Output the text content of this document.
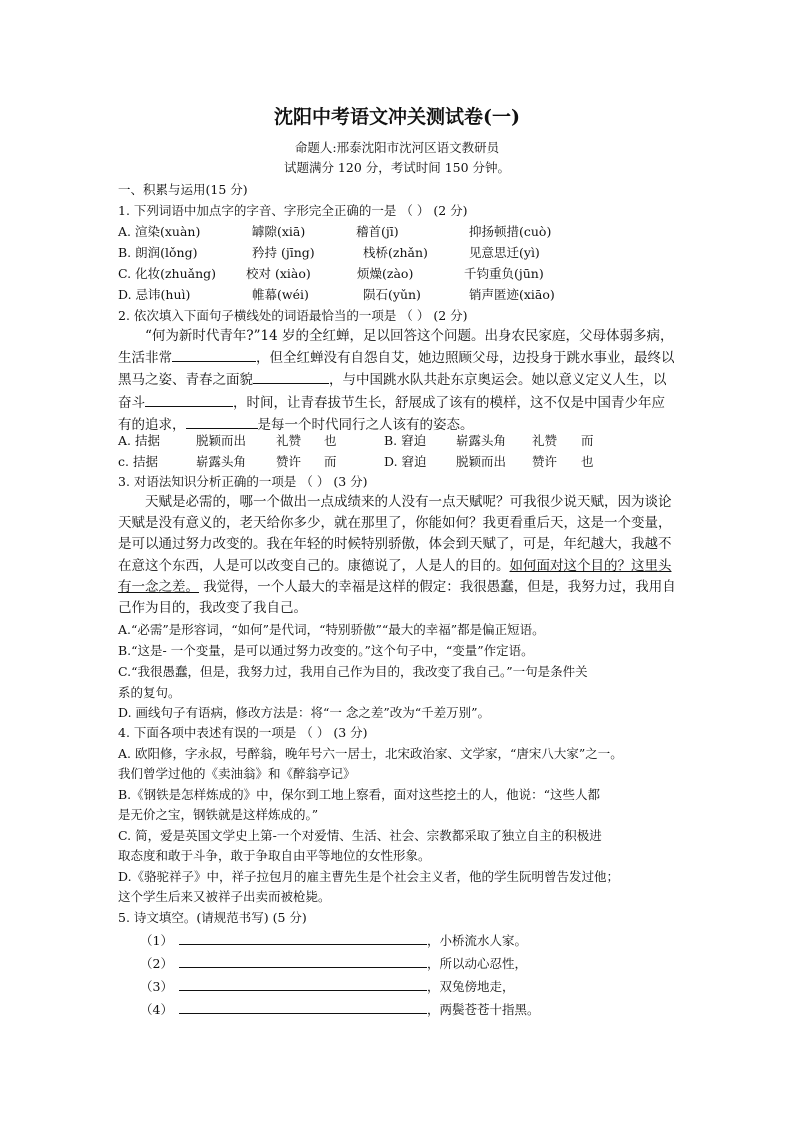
沈阳中考语文冲关测试卷(一)
命题人:邢泰沈阳市沈河区语文教研员
试题满分 120 分，考试时间 150 分钟。
一、积累与运用(15 分)
1. 下列词语中加点字的字音、字形完全正确的一是 （ ） (2 分)
A. 渲染(xuàn)	罅隙(xiā)	稽首(jī)	抑扬顿措(cuò)
B. 朗润(lǒng)	矜持 (jīng)	栈桥(zhǎn)	见意思迁(yì)
C. 化妆(zhuǎng) 校对 (xiào)	烦燥(zào)	千钧重负(jūn)
D. 忌讳(huì)	帷幕(wéi)	陨石(yǔn)	销声匿迹(xiāo)
2. 依次填入下面句子横线处的词语最恰当的一项是 （ ） (2 分)

“何为新时代青年?”14 岁的全红蝉，足以回答这个问题。出身农民家庭，父母体弱多病，生活非常	，但全红蝉没有自怨自艾，她边照顾父母，边投身于跳水事业，最终以黑马之姿、青春之面貌	，与中国跳水队共赴东京奥运会。她以意义定义人生，以奋斗	，时间，让青春拔节生长，舒展成了该有的模样，这不仅是中国青少年应有的追求，	是每一个时代同行之人该有的姿态。

A. 拮据	脱颖而出 礼赞 也	B. 窘迫 崭露头角 礼赞 而
c. 拮据	崭露头角 赞许 而	D. 窘迫 脱颖而出 赞许 也
3. 对语法知识分析正确的一项是 （ ） (3 分)

天赋是必需的，哪一个做出一点成绩来的人没有一点天赋呢？可我很少说天赋，因为谈论天赋是没有意义的，老天给你多少，就在那里了，你能如何？我更看重后天，这是一个变量，是可以通过努力改变的。我在年轻的时候特别骄傲，体会到天赋了，可是，年纪越大，我越不在意这个东西，人是可以改变自己的。康德说了，人是人的目的。如何面对这个目的？这里头有一念之差。 我觉得，一个人最大的幸福是这样的假定：我很愚蠢，但是，我努力过，我用自己作为目的，我改变了我自己。

A.“必需”是形容词，“如何”是代词，“特别骄傲”“最大的幸福”都是偏正短语。
B.“这是- 一个变量，是可以通过努力改变的。”这个句子中，“变量”作定语。
C.“我很愚蠢，但是，我努力过，我用自己作为目的，我改变了我自己。”一句是条件关
系的复句。
D. 画线句子有语病，修改方法是：将“一 念之差”改为“千差万别”。
4. 下面各项中表述有误的一项是 （ ） (3 分)
A. 欧阳修，字永叔，号醉翁，晚年号六一居士，北宋政治家、文学家，“唐宋八大家”之一。
我们曾学过他的《卖油翁》和《醉翁亭记》
B.《钢铁是怎样炼成的》中，保尔到工地上察看，面对这些挖土的人，他说：“这些人都
是无价之宝，钢铁就是这样炼成的。”
C. 简，爱是英国文学史上第-一个对爱情、生活、社会、宗教都采取了独立自主的积极进
取态度和敢于斗争，敢于争取自由平等地位的女性形象。
D.《骆驼祥子》中，祥子拉包月的雇主曹先生是个社会主义者，他的学生阮明曾告发过他；
这个学生后来又被祥子出卖而被枪毙。
5. 诗文填空。(请规范书写) (5 分)
（1）	，小桥流水人家。
（2）	，所以动心忍性，
（3）	，双兔傍地走，
（4）	，两鬓苍苍十指黑。
